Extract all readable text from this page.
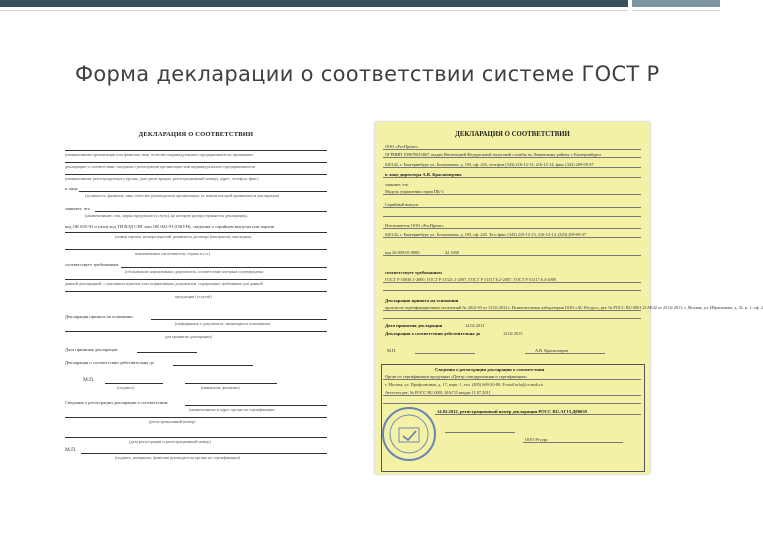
Форма декларации о соответствии системе ГОСТ Р
ДЕКЛАРАЦИЯ О СООТВЕТСТВИИ
(наименование организации или фамилия, имя, отчество индивидуального предпринимателя, принявших
декларацию о соответствии, сведения о регистрации организации или индивидуального предпринимателя
(наименование регистрирующего органа, дата регистрации, регистрационный номер), адрес, телефон, факс)
в лице
(должность, фамилия, имя, отчество руководителя организации, от имени которой принимается декларация)
заявляет, что
(наименование, тип, марка продукции (услуги), на которую распространяется декларация),
код ОК 005-93 и (или) код ТН ВЭД СНГ или ОК 002-93 (ОКУН), сведения о серийном выпуске или партии
(номер партии, номера изделий, реквизиты договора (контракта), накладная,
наименование изготовителя, страна и т.п.)
соответствует требованиям
(обозначение нормативных документов, соответствие которым подтверждено
данной декларацией, с указанием пунктов этих нормативных документов, содержащих требования для данной
продукции (услуги))
Декларация принята на основании
(информация о документах, являющихся основанием
для принятия декларации)
Дата принятия декларации
Декларация о соответствии действительна до
М.П.
(подпись)	(инициалы, фамилия)
Сведения о регистрации декларации о соответствии:
(наименование и адрес органа по сертификации
(регистрационный номер)
(дата регистрации и регистрационный номер)
М.П.
(подпись, инициалы, фамилия руководителя органа по сертификации)
ДЕКЛАРАЦИЯ О СООТВЕТСТВИИ
ООО «РосПромт»
ОГРНИП 109670013867, выдан Инспекцией Федеральной налоговой службы по Ленинскому району г. Екатеринбурга
620142, г. Екатеринбург, ул. Большакова, д. 105, оф. 245, телефон (343) 216-12-13, 216-12-14, факс (343) 209-09-37
в лице директора А.В. Красноперова
заявляет, что
Модуль управления серии ПК-3
Серийный выпуск
Изготовитель ООО «РосПромт»
620142, г. Екатеринбург, ул. Большакова, д. 105, оф. 245. Тел./факс (343) 216-12-13, 216-12-14, (343) 209-09-37
код 26 000-03 0000	42 1800
соответствует требованиям
ГОСТ Р 50030.1-2000, ГОСТ Р 51321.1-2007, ГОСТ Р 51317.6.2-2007, ГОСТ Р 51317.6.4-2009
Декларация принята на основании
протокола сертификационных испытаний № 2012-03 от 13.03.2012 г. Испытательная лаборатория ООО «АС Ресурс», рег. № РОСС RU.0001.21АЕ42 от 25.02.2011, г. Москва, ул. Ибрагимова, д. 31, к. 1, оф. 2
Дата принятия декларации	14.02.2012
Декларация о соответствии действительна до	13.02.2015
М.П.	А.В. Красноперов
Сведения о регистрации декларации о соответствии
Орган по сертификации продукции «Центр стандартизации и сертификации»
г. Москва, ул. Профсоюзная, д. 17, корп. 1, тел. (495) 669-20-00, E-mail info@cs-msk.ru
Аттестат рег. № РОСС RU.0001.10АГ15 выдан 11.07.2011
14.02.2012, регистрационный номер декларации РОСС RU.АГ15.Д00659
ООО Ресурс
